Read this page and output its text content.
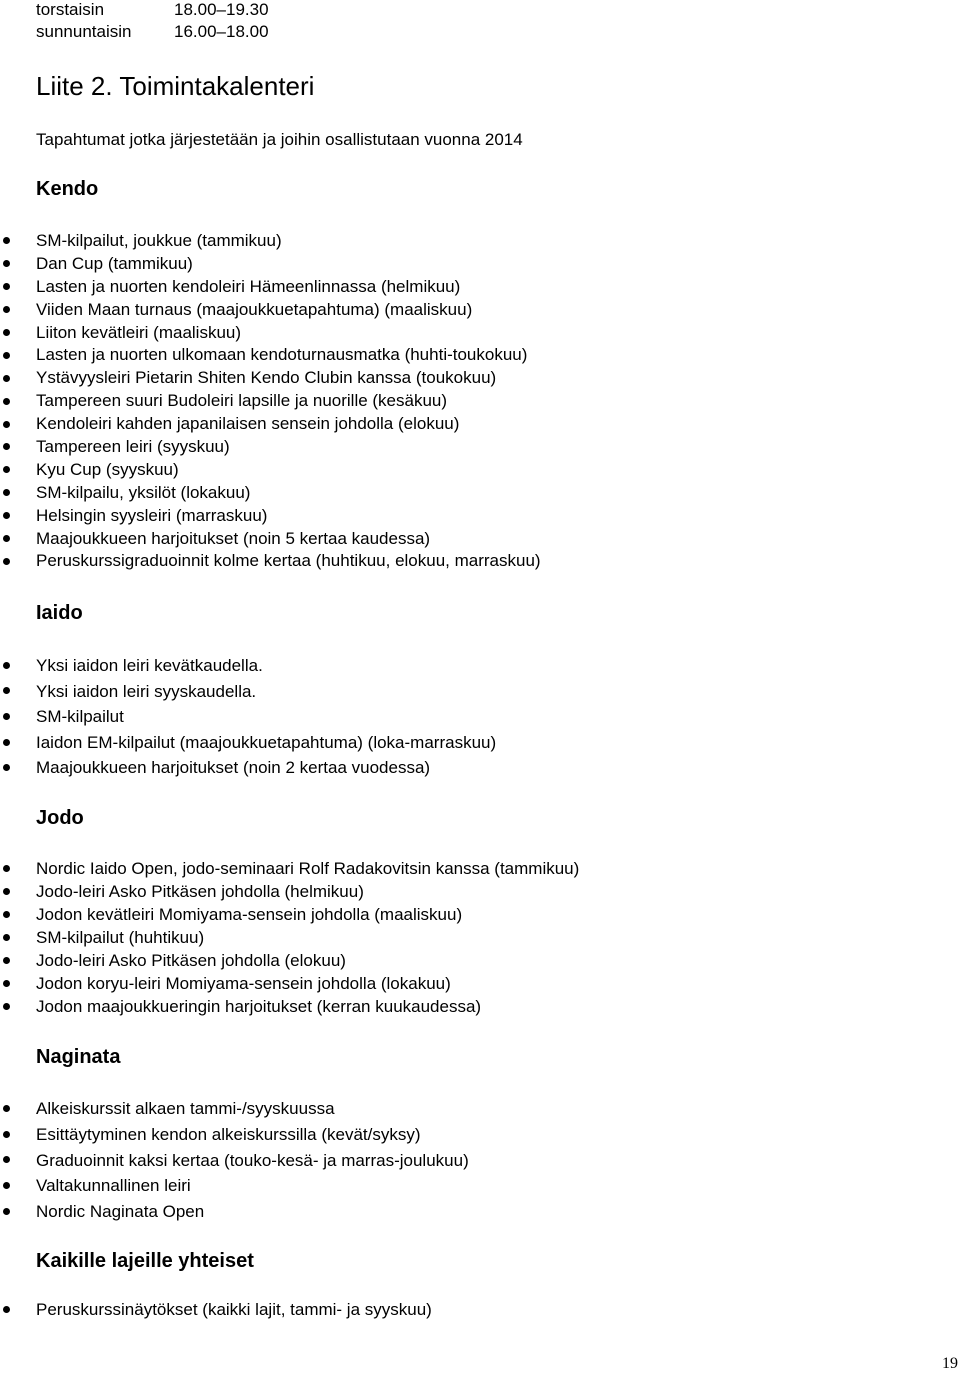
torstaisin	18.00–19.30
sunnuntaisin	16.00–18.00
Liite 2. Toimintakalenteri
Tapahtumat jotka järjestetään ja joihin osallistutaan vuonna 2014
Kendo
SM-kilpailut, joukkue (tammikuu)
Dan Cup (tammikuu)
Lasten ja nuorten kendoleiri Hämeenlinnassa (helmikuu)
Viiden Maan turnaus (maajoukkuetapahtuma) (maaliskuu)
Liiton kevätleiri (maaliskuu)
Lasten ja nuorten ulkomaan kendoturnausmatka (huhti-toukokuu)
Ystävyysleiri Pietarin Shiten Kendo Clubin kanssa (toukokuu)
Tampereen suuri Budoleiri lapsille ja nuorille (kesäkuu)
Kendoleiri kahden japanilaisen sensein johdolla (elokuu)
Tampereen leiri (syyskuu)
Kyu Cup (syyskuu)
SM-kilpailu, yksilöt (lokakuu)
Helsingin syysleiri (marraskuu)
Maajoukkueen harjoitukset (noin 5 kertaa kaudessa)
Peruskurssigraduoinnit kolme kertaa (huhtikuu, elokuu, marraskuu)
Iaido
Yksi iaidon leiri kevätkaudella.
Yksi iaidon leiri syyskaudella.
SM-kilpailut
Iaidon EM-kilpailut (maajoukkuetapahtuma) (loka-marraskuu)
Maajoukkueen harjoitukset (noin 2 kertaa vuodessa)
Jodo
Nordic Iaido Open, jodo-seminaari Rolf Radakovitsin kanssa (tammikuu)
Jodo-leiri Asko Pitkäsen johdolla (helmikuu)
Jodon kevätleiri Momiyama-sensein johdolla (maaliskuu)
SM-kilpailut (huhtikuu)
Jodo-leiri Asko Pitkäsen johdolla (elokuu)
Jodon koryu-leiri Momiyama-sensein johdolla (lokakuu)
Jodon maajoukkueringin harjoitukset (kerran kuukaudessa)
Naginata
Alkeiskurssit alkaen tammi-/syyskuussa
Esittäytyminen kendon alkeiskurssilla (kevät/syksy)
Graduoinnit kaksi kertaa (touko-kesä- ja marras-joulukuu)
Valtakunnallinen leiri
Nordic Naginata Open
Kaikille lajeille yhteiset
Peruskurssinäytökset (kaikki lajit, tammi- ja syyskuu)
19
